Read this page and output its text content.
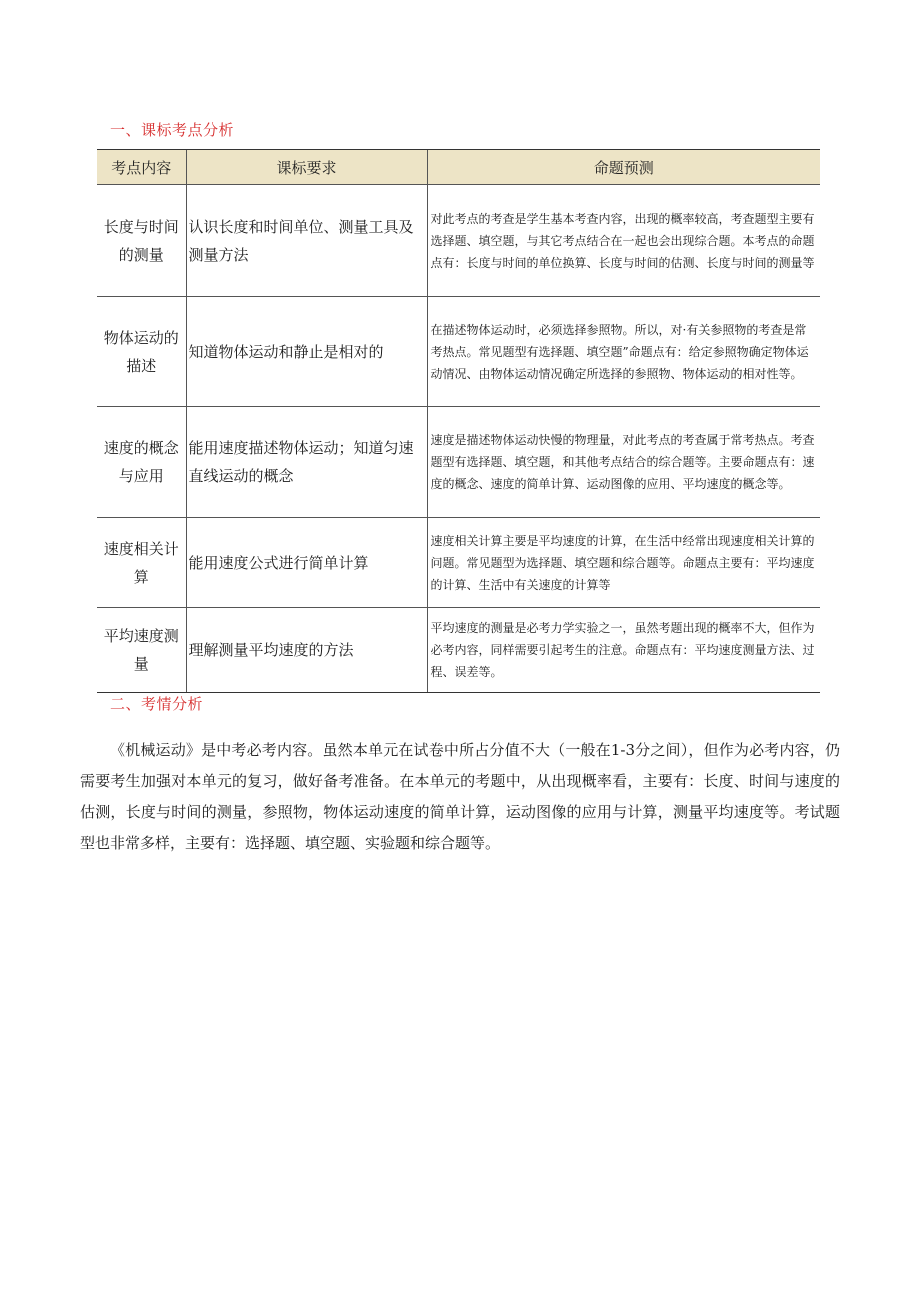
一、课标考点分析
考点内容	课标要求	命题预测
长度与时间的测量	认识长度和时间单位、测量工具及测量方法	对此考点的考查是学生基本考查内容，出现的概率较高，考查题型主要有选择题、填空题，与其它考点结合在一起也会出现综合题。本考点的命题点有：长度与时间的单位换算、长度与时间的估测、长度与时间的测量等
物体运动的描述	知道物体运动和静止是相对的	在描述物体运动时，必须选择参照物。所以，对·有关参照物的考查是常考热点。常见题型有选择题、填空题”命题点有：给定参照物确定物体运动情况、由物体运动情况确定所选择的参照物、物体运动的相对性等。
速度的概念与应用	能用速度描述物体运动；知道匀速直线运动的概念	速度是描述物体运动快慢的物理量，对此考点的考查属于常考热点。考查题型有选择题、填空题，和其他考点结合的综合题等。主要命题点有：速度的概念、速度的简单计算、运动图像的应用、平均速度的概念等。
速度相关计算	能用速度公式进行简单计算	速度相关计算主要是平均速度的计算，在生活中经常出现速度相关计算的问题。常见题型为选择题、填空题和综合题等。命题点主要有：平均速度的计算、生活中有关速度的计算等
平均速度测量	理解测量平均速度的方法	平均速度的测量是必考力学实验之一，虽然考题出现的概率不大，但作为必考内容，同样需要引起考生的注意。命题点有：平均速度测量方法、过程、误差等。
二、考情分析

《机械运动》是中考必考内容。虽然本单元在试卷中所占分值不大（一般在1-3分之间），但作为必考内容，仍需要考生加强对本单元的复习，做好备考准备。在本单元的考题中，从出现概率看，主要有：长度、时间与速度的估测，长度与时间的测量，参照物，物体运动速度的简单计算，运动图像的应用与计算，测量平均速度等。考试题型也非常多样，主要有：选择题、填空题、实验题和综合题等。
